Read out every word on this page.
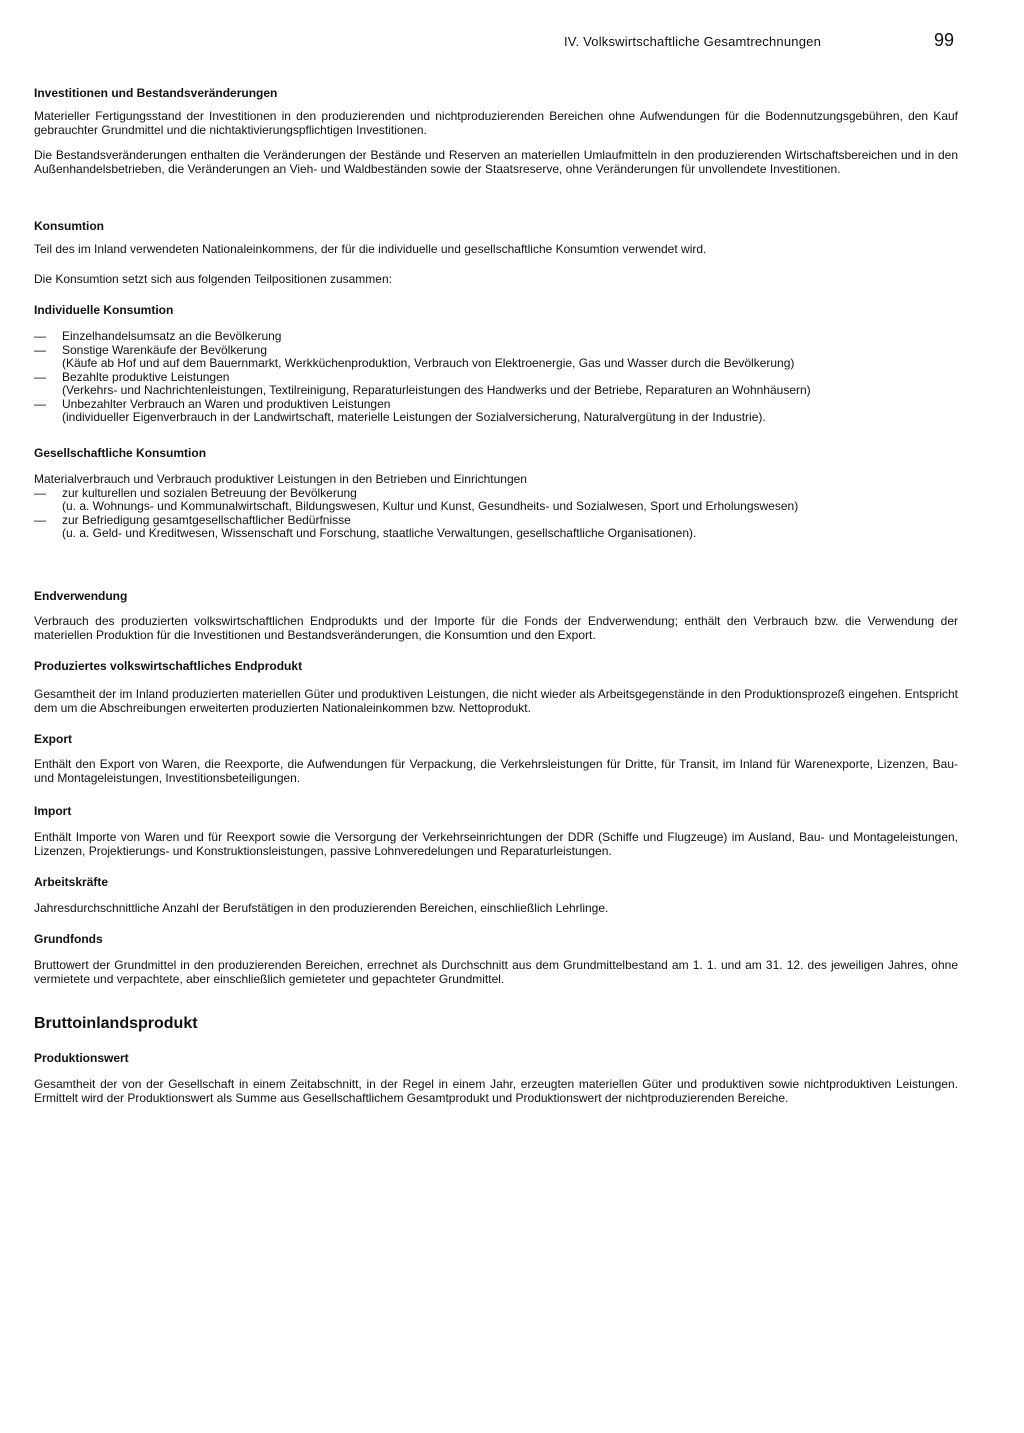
IV. Volkswirtschaftliche Gesamtrechnungen	99
Investitionen und Bestandsveränderungen

Materieller Fertigungsstand der Investitionen in den produzierenden und nichtproduzierenden Bereichen ohne Aufwendungen für die Bodennutzungsgebühren, den Kauf gebrauchter Grundmittel und die nichtaktivierungspflichtigen Investitionen.

Die Bestandsveränderungen enthalten die Veränderungen der Bestände und Reserven an materiellen Umlaufmitteln in den produzierenden Wirtschaftsbereichen und in den Außenhandelsbetrieben, die Veränderungen an Vieh- und Waldbeständen sowie der Staatsreserve, ohne Veränderungen für unvollendete Investitionen.

Konsumtion

Teil des im Inland verwendeten Nationaleinkommens, der für die individuelle und gesellschaftliche Konsumtion verwendet wird.

Die Konsumtion setzt sich aus folgenden Teilpositionen zusammen:

Individuelle Konsumtion
— Einzelhandelsumsatz an die Bevölkerung
— Sonstige Warenkäufe der Bevölkerung
(Käufe ab Hof und auf dem Bauernmarkt, Werkküchenproduktion, Verbrauch von Elektroenergie, Gas und Wasser durch die Bevölkerung)
— Bezahlte produktive Leistungen
(Verkehrs- und Nachrichtenleistungen, Textilreinigung, Reparaturleistungen des Handwerks und der Betriebe, Reparaturen an Wohnhäusern)
— Unbezahlter Verbrauch an Waren und produktiven Leistungen
(individueller Eigenverbrauch in der Landwirtschaft, materielle Leistungen der Sozialversicherung, Naturalvergütung in der Industrie).
Gesellschaftliche Konsumtion

Materialverbrauch und Verbrauch produktiver Leistungen in den Betrieben und Einrichtungen

— zur kulturellen und sozialen Betreuung der Bevölkerung
(u. a. Wohnungs- und Kommunalwirtschaft, Bildungswesen, Kultur und Kunst, Gesundheits- und Sozialwesen, Sport und Erholungswesen)
— zur Befriedigung gesamtgesellschaftlicher Bedürfnisse
(u. a. Geld- und Kreditwesen, Wissenschaft und Forschung, staatliche Verwaltungen, gesellschaftliche Organisationen).
Endverwendung

Verbrauch des produzierten volkswirtschaftlichen Endprodukts und der Importe für die Fonds der Endverwendung; enthält den Verbrauch bzw. die Verwendung der materiellen Produktion für die Investitionen und Bestandsveränderungen, die Konsumtion und den Export.

Produziertes volkswirtschaftliches Endprodukt

Gesamtheit der im Inland produzierten materiellen Güter und produktiven Leistungen, die nicht wieder als Arbeitsgegenstände in den Produktionsprozeß eingehen. Entspricht dem um die Abschreibungen erweiterten produzierten Nationaleinkommen bzw. Nettoprodukt.

Export

Enthält den Export von Waren, die Reexporte, die Aufwendungen für Verpackung, die Verkehrsleistungen für Dritte, für Transit, im Inland für Warenexporte, Lizenzen, Bau- und Montageleistungen, Investitionsbeteiligungen.

Import

Enthält Importe von Waren und für Reexport sowie die Versorgung der Verkehrseinrichtungen der DDR (Schiffe und Flugzeuge) im Ausland, Bau- und Montageleistungen, Lizenzen, Projektierungs- und Konstruktionsleistungen, passive Lohnveredelungen und Reparaturleistungen.

Arbeitskräfte

Jahresdurchschnittliche Anzahl der Berufstätigen in den produzierenden Bereichen, einschließlich Lehrlinge.

Grundfonds

Bruttowert der Grundmittel in den produzierenden Bereichen, errechnet als Durchschnitt aus dem Grundmittelbestand am 1. 1. und am 31. 12. des jeweiligen Jahres, ohne vermietete und verpachtete, aber einschließlich gemieteter und gepachteter Grundmittel.

Bruttoinlandsprodukt
Produktionswert

Gesamtheit der von der Gesellschaft in einem Zeitabschnitt, in der Regel in einem Jahr, erzeugten materiellen Güter und produktiven sowie nichtproduktiven Leistungen. Ermittelt wird der Produktionswert als Summe aus Gesellschaftlichem Gesamtprodukt und Produktionswert der nichtproduzierenden Bereiche.
